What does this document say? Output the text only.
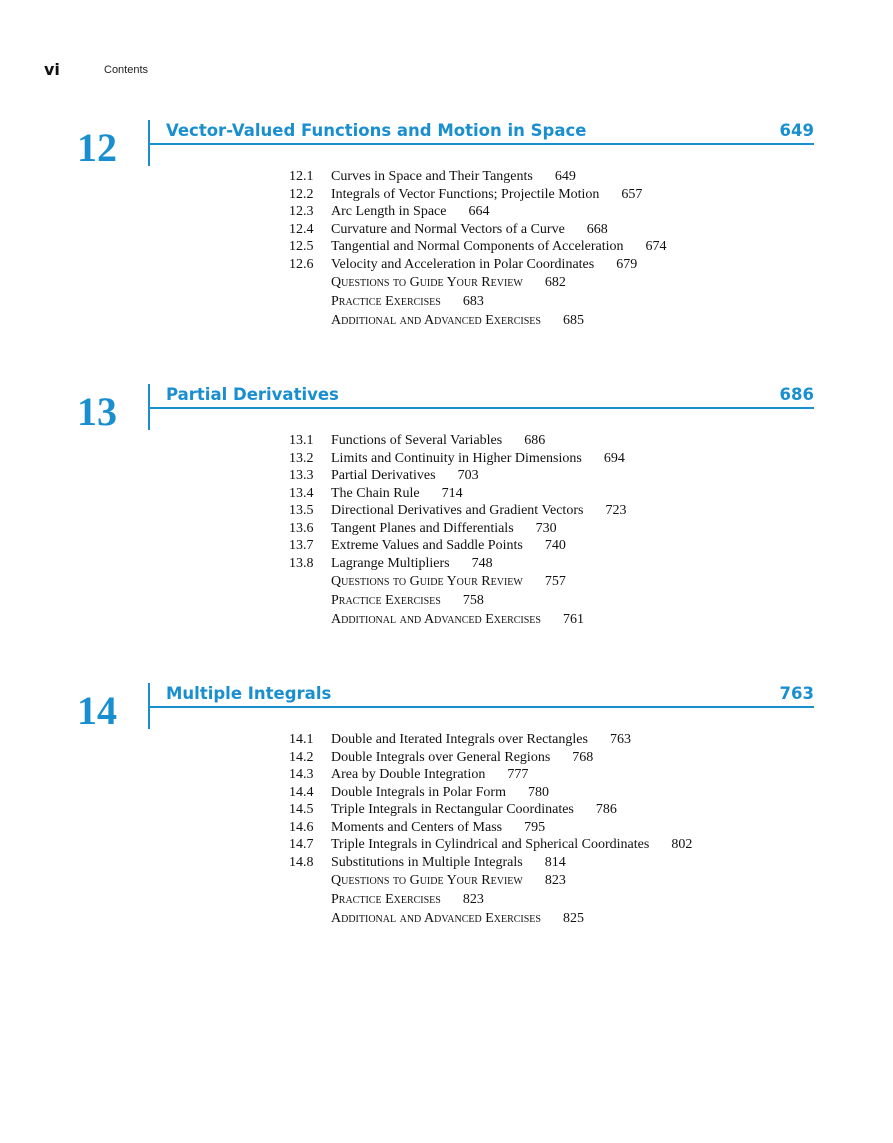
vi	Contents
12	Vector-Valued Functions and Motion in Space	649
12.1 Curves in Space and Their Tangents 649
12.2 Integrals of Vector Functions; Projectile Motion 657
12.3 Arc Length in Space 664
12.4 Curvature and Normal Vectors of a Curve 668
12.5 Tangential and Normal Components of Acceleration 674
12.6 Velocity and Acceleration in Polar Coordinates 679
Questions to Guide Your Review 682
Practice Exercises 683
Additional and Advanced Exercises 685
13	Partial Derivatives	686
13.1 Functions of Several Variables 686
13.2 Limits and Continuity in Higher Dimensions 694
13.3 Partial Derivatives 703
13.4 The Chain Rule 714
13.5 Directional Derivatives and Gradient Vectors 723
13.6 Tangent Planes and Differentials 730
13.7 Extreme Values and Saddle Points 740
13.8 Lagrange Multipliers 748
Questions to Guide Your Review 757
Practice Exercises 758
Additional and Advanced Exercises 761
14	Multiple Integrals	763
14.1 Double and Iterated Integrals over Rectangles 763
14.2 Double Integrals over General Regions 768
14.3 Area by Double Integration 777
14.4 Double Integrals in Polar Form 780
14.5 Triple Integrals in Rectangular Coordinates 786
14.6 Moments and Centers of Mass 795
14.7 Triple Integrals in Cylindrical and Spherical Coordinates 802
14.8 Substitutions in Multiple Integrals 814
Questions to Guide Your Review 823
Practice Exercises 823
Additional and Advanced Exercises 825
